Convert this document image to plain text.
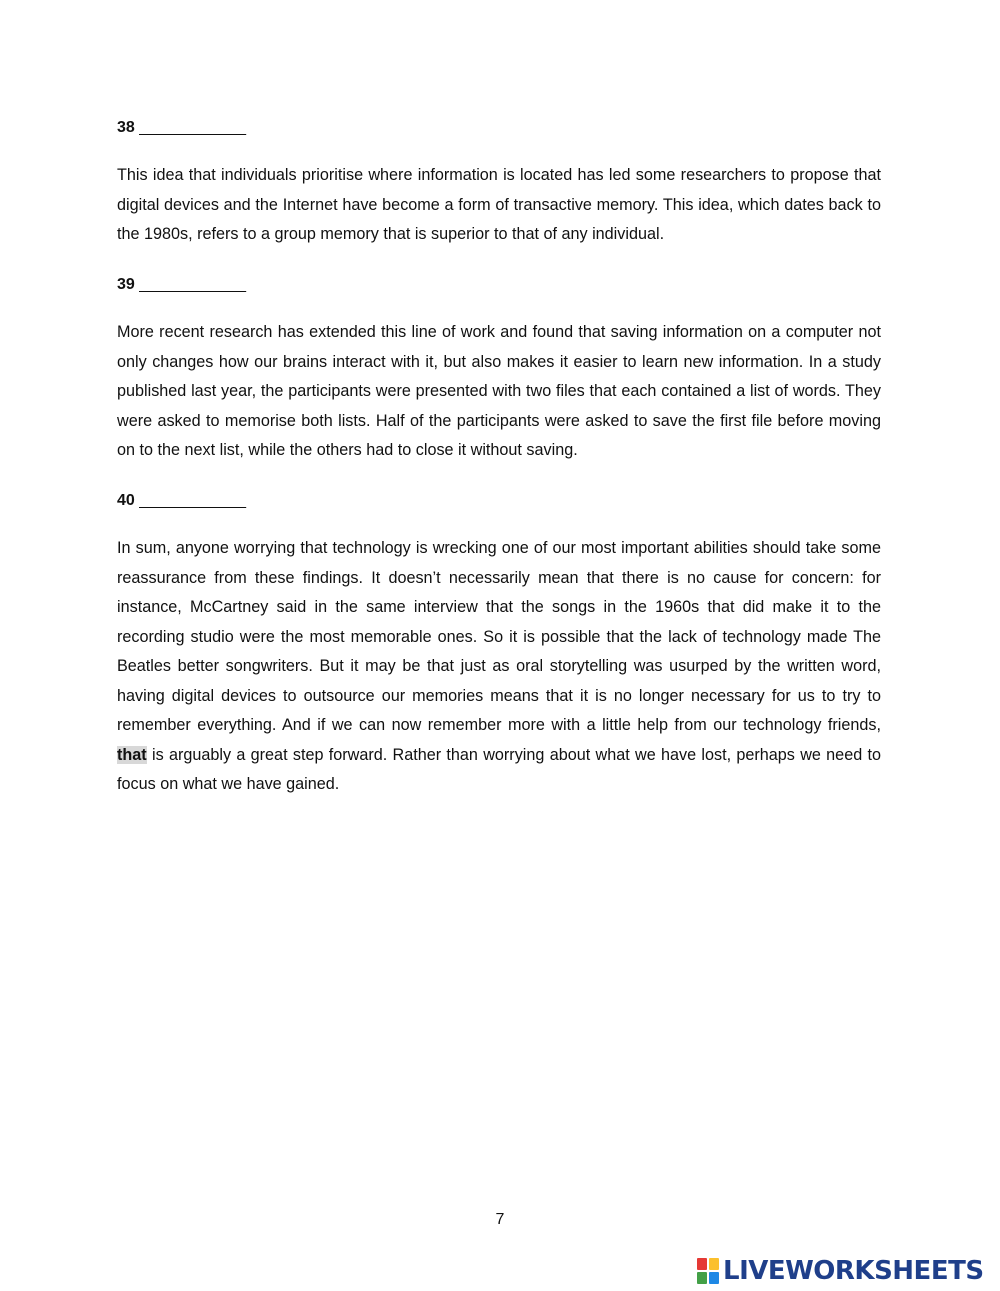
38 ____________

This idea that individuals prioritise where information is located has led some researchers to propose that digital devices and the Internet have become a form of transactive memory. This idea, which dates back to the 1980s, refers to a group memory that is superior to that of any individual.

39 ____________

More recent research has extended this line of work and found that saving information on a computer not only changes how our brains interact with it, but also makes it easier to learn new information. In a study published last year, the participants were presented with two files that each contained a list of words. They were asked to memorise both lists. Half of the participants were asked to save the first file before moving on to the next list, while the others had to close it without saving.

40 ____________

In sum, anyone worrying that technology is wrecking one of our most important abilities should take some reassurance from these findings. It doesn’t necessarily mean that there is no cause for concern: for instance, McCartney said in the same interview that the songs in the 1960s that did make it to the recording studio were the most memorable ones. So it is possible that the lack of technology made The Beatles better songwriters. But it may be that just as oral storytelling was usurped by the written word, having digital devices to outsource our memories means that it is no longer necessary for us to try to remember everything. And if we can now remember more with a little help from our technology friends, that is arguably a great step forward. Rather than worrying about what we have lost, perhaps we need to focus on what we have gained.

7
LIVEWORKSHEETS
